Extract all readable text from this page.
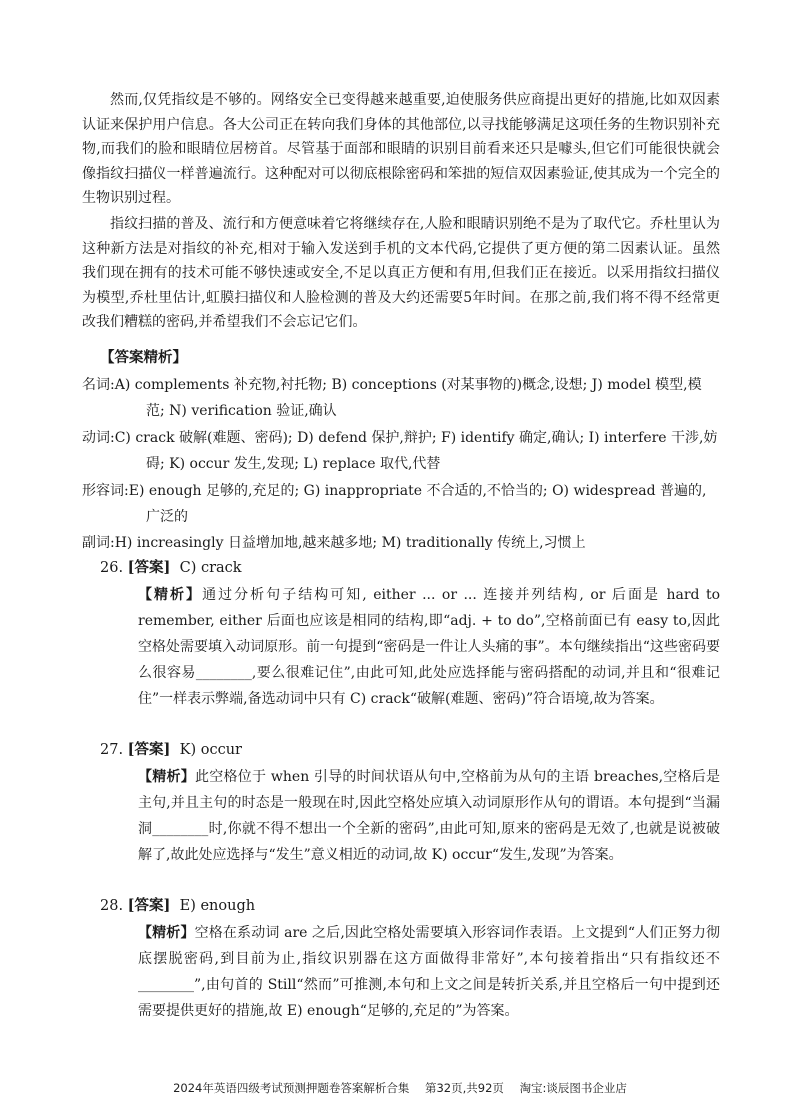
然而,仅凭指纹是不够的。网络安全已变得越来越重要,迫使服务供应商提出更好的措施,比如双因素认证来保护用户信息。各大公司正在转向我们身体的其他部位,以寻找能够满足这项任务的生物识别补充物,而我们的脸和眼睛位居榜首。尽管基于面部和眼睛的识别目前看来还只是噱头,但它们可能很快就会像指纹扫描仪一样普遍流行。这种配对可以彻底根除密码和笨拙的短信双因素验证,使其成为一个完全的生物识别过程。

指纹扫描的普及、流行和方便意味着它将继续存在,人脸和眼睛识别绝不是为了取代它。乔杜里认为这种新方法是对指纹的补充,相对于输入发送到手机的文本代码,它提供了更方便的第二因素认证。虽然我们现在拥有的技术可能不够快速或安全,不足以真正方便和有用,但我们正在接近。以采用指纹扫描仪为模型,乔杜里估计,虹膜扫描仪和人脸检测的普及大约还需要5年时间。在那之前,我们将不得不经常更改我们糟糕的密码,并希望我们不会忘记它们。

【答案精析】

名词:A) complements 补充物,衬托物; B) conceptions (对某事物的)概念,设想; J) model 模型,模范; N) verification 验证,确认

动词:C) crack 破解(难题、密码); D) defend 保护,辩护; F) identify 确定,确认; I) interfere 干涉,妨碍; K) occur 发生,发现; L) replace 取代,代替

形容词:E) enough 足够的,充足的; G) inappropriate 不合适的,不恰当的; O) widespread 普遍的,广泛的

副词:H) increasingly 日益增加地,越来越多地; M) traditionally 传统上,习惯上

26. [答案] C) crack

【精析】通过分析句子结构可知, either ... or ... 连接并列结构, or 后面是 hard to remember, either 后面也应该是相同的结构,即“adj. + to do”,空格前面已有 easy to,因此空格处需要填入动词原形。前一句提到“密码是一件让人头痛的事”。本句继续指出“这些密码要么很容易________,要么很难记住”,由此可知,此处应选择能与密码搭配的动词,并且和“很难记住”一样表示弊端,备选动词中只有 C) crack“破解(难题、密码)”符合语境,故为答案。

27. [答案] K) occur

【精析】此空格位于 when 引导的时间状语从句中,空格前为从句的主语 breaches,空格后是主句,并且主句的时态是一般现在时,因此空格处应填入动词原形作从句的谓语。本句提到“当漏洞________时,你就不得不想出一个全新的密码”,由此可知,原来的密码是无效了,也就是说被破解了,故此处应选择与“发生”意义相近的动词,故 K) occur“发生,发现”为答案。

28. [答案] E) enough

【精析】空格在系动词 are 之后,因此空格处需要填入形容词作表语。上文提到“人们正努力彻底摆脱密码,到目前为止,指纹识别器在这方面做得非常好”,本句接着指出“只有指纹还不________”,由句首的 Still“然而”可推测,本句和上文之间是转折关系,并且空格后一句中提到还需要提供更好的措施,故 E) enough“足够的,充足的”为答案。

2024年英语四级考试预测押题卷答案解析合集 第32页,共92页 淘宝:谈辰图书企业店
